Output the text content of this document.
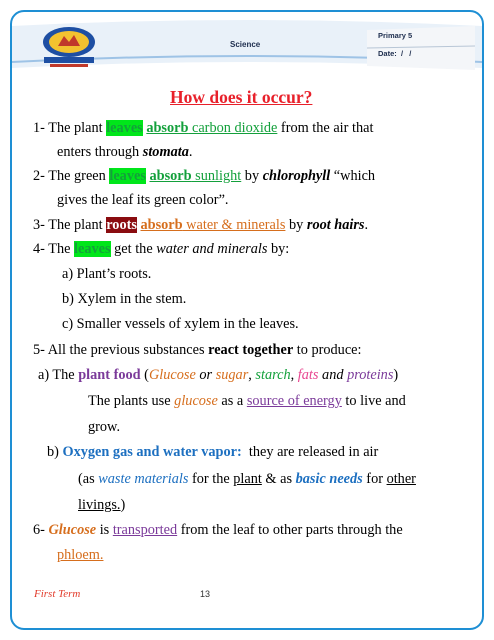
Science
Primary 5
Date: /   /
How does it occur?
1- The plant leaves absorb carbon dioxide from the air that
enters through stomata.
2- The green leaves absorb sunlight by chlorophyll “which
gives the leaf its green color”.
3- The plant roots absorb water & minerals by root hairs.
4- The leaves get the water and minerals by:
a) Plant’s roots.
b) Xylem in the stem.
c) Smaller vessels of xylem in the leaves.
5- All the previous substances react together to produce:
a) The plant food (Glucose or sugar, starch, fats and proteins)
The plants use glucose as a source of energy to live and
grow.
b) Oxygen gas and water vapor:  they are released in air
(as waste materials for the plant & as basic needs for other
livings.)
6- Glucose is transported from the leaf to other parts through the
phloem.
First Term	13
